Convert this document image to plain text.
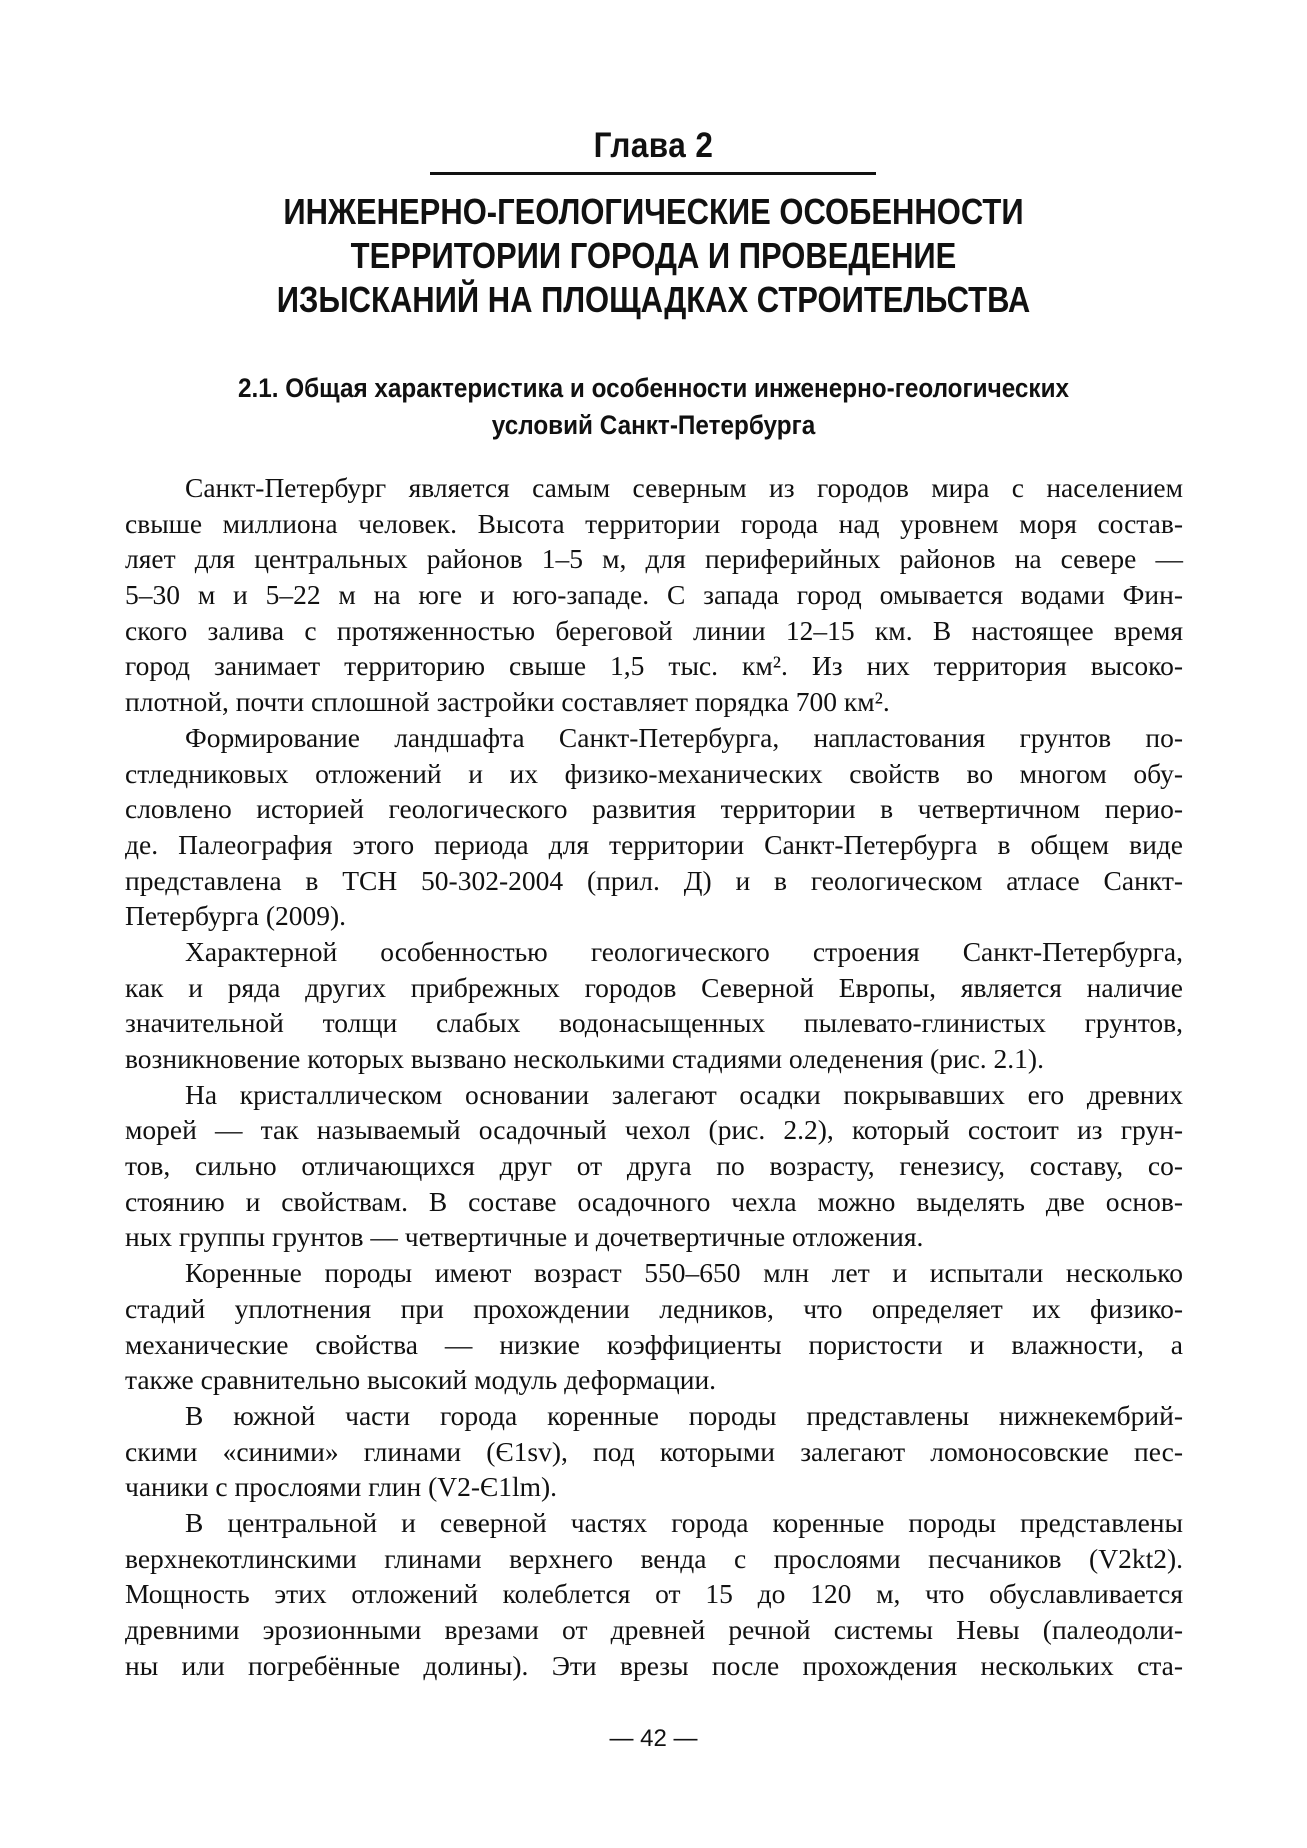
Глава 2
ИНЖЕНЕРНО-ГЕОЛОГИЧЕСКИЕ ОСОБЕННОСТИ
ТЕРРИТОРИИ ГОРОДА И ПРОВЕДЕНИЕ
ИЗЫСКАНИЙ НА ПЛОЩАДКАХ СТРОИТЕЛЬСТВА
2.1. Общая характеристика и особенности инженерно-геологических
условий Санкт-Петербурга
Санкт-Петербург является самым северным из городов мира с населением
свыше миллиона человек. Высота территории города над уровнем моря состав-
ляет для центральных районов 1–5 м, для периферийных районов на севере —
5–30 м и 5–22 м на юге и юго-западе. С запада город омывается водами Фин-
ского залива с протяженностью береговой линии 12–15 км. В настоящее время
город занимает территорию свыше 1,5 тыс. км². Из них территория высоко-
плотной, почти сплошной застройки составляет порядка 700 км².
Формирование ландшафта Санкт-Петербурга, напластования грунтов по-
стледниковых отложений и их физико-механических свойств во многом обу-
словлено историей геологического развития территории в четвертичном перио-
де. Палеография этого периода для территории Санкт-Петербурга в общем виде
представлена в ТСН 50-302-2004 (прил. Д) и в геологическом атласе Санкт-
Петербурга (2009).
Характерной особенностью геологического строения Санкт-Петербурга,
как и ряда других прибрежных городов Северной Европы, является наличие
значительной толщи слабых водонасыщенных пылевато-глинистых грунтов,
возникновение которых вызвано несколькими стадиями оледенения (рис. 2.1).
На кристаллическом основании залегают осадки покрывавших его древних
морей — так называемый осадочный чехол (рис. 2.2), который состоит из грун-
тов, сильно отличающихся друг от друга по возрасту, генезису, составу, со-
стоянию и свойствам. В составе осадочного чехла можно выделять две основ-
ных группы грунтов — четвертичные и дочетвертичные отложения.
Коренные породы имеют возраст 550–650 млн лет и испытали несколько
стадий уплотнения при прохождении ледников, что определяет их физико-
механические свойства — низкие коэффициенты пористости и влажности, а
также сравнительно высокий модуль деформации.
В южной части города коренные породы представлены нижнекембрий-
скими «синими» глинами (Є1sv), под которыми залегают ломоносовские пес-
чаники с прослоями глин (V2-Є1lm).
В центральной и северной частях города коренные породы представлены
верхнекотлинскими глинами верхнего венда с прослоями песчаников (V2kt2).
Мощность этих отложений колеблется от 15 до 120 м, что обуславливается
древними эрозионными врезами от древней речной системы Невы (палеодоли-
ны или погребённые долины). Эти врезы после прохождения нескольких ста-
— 42 —
